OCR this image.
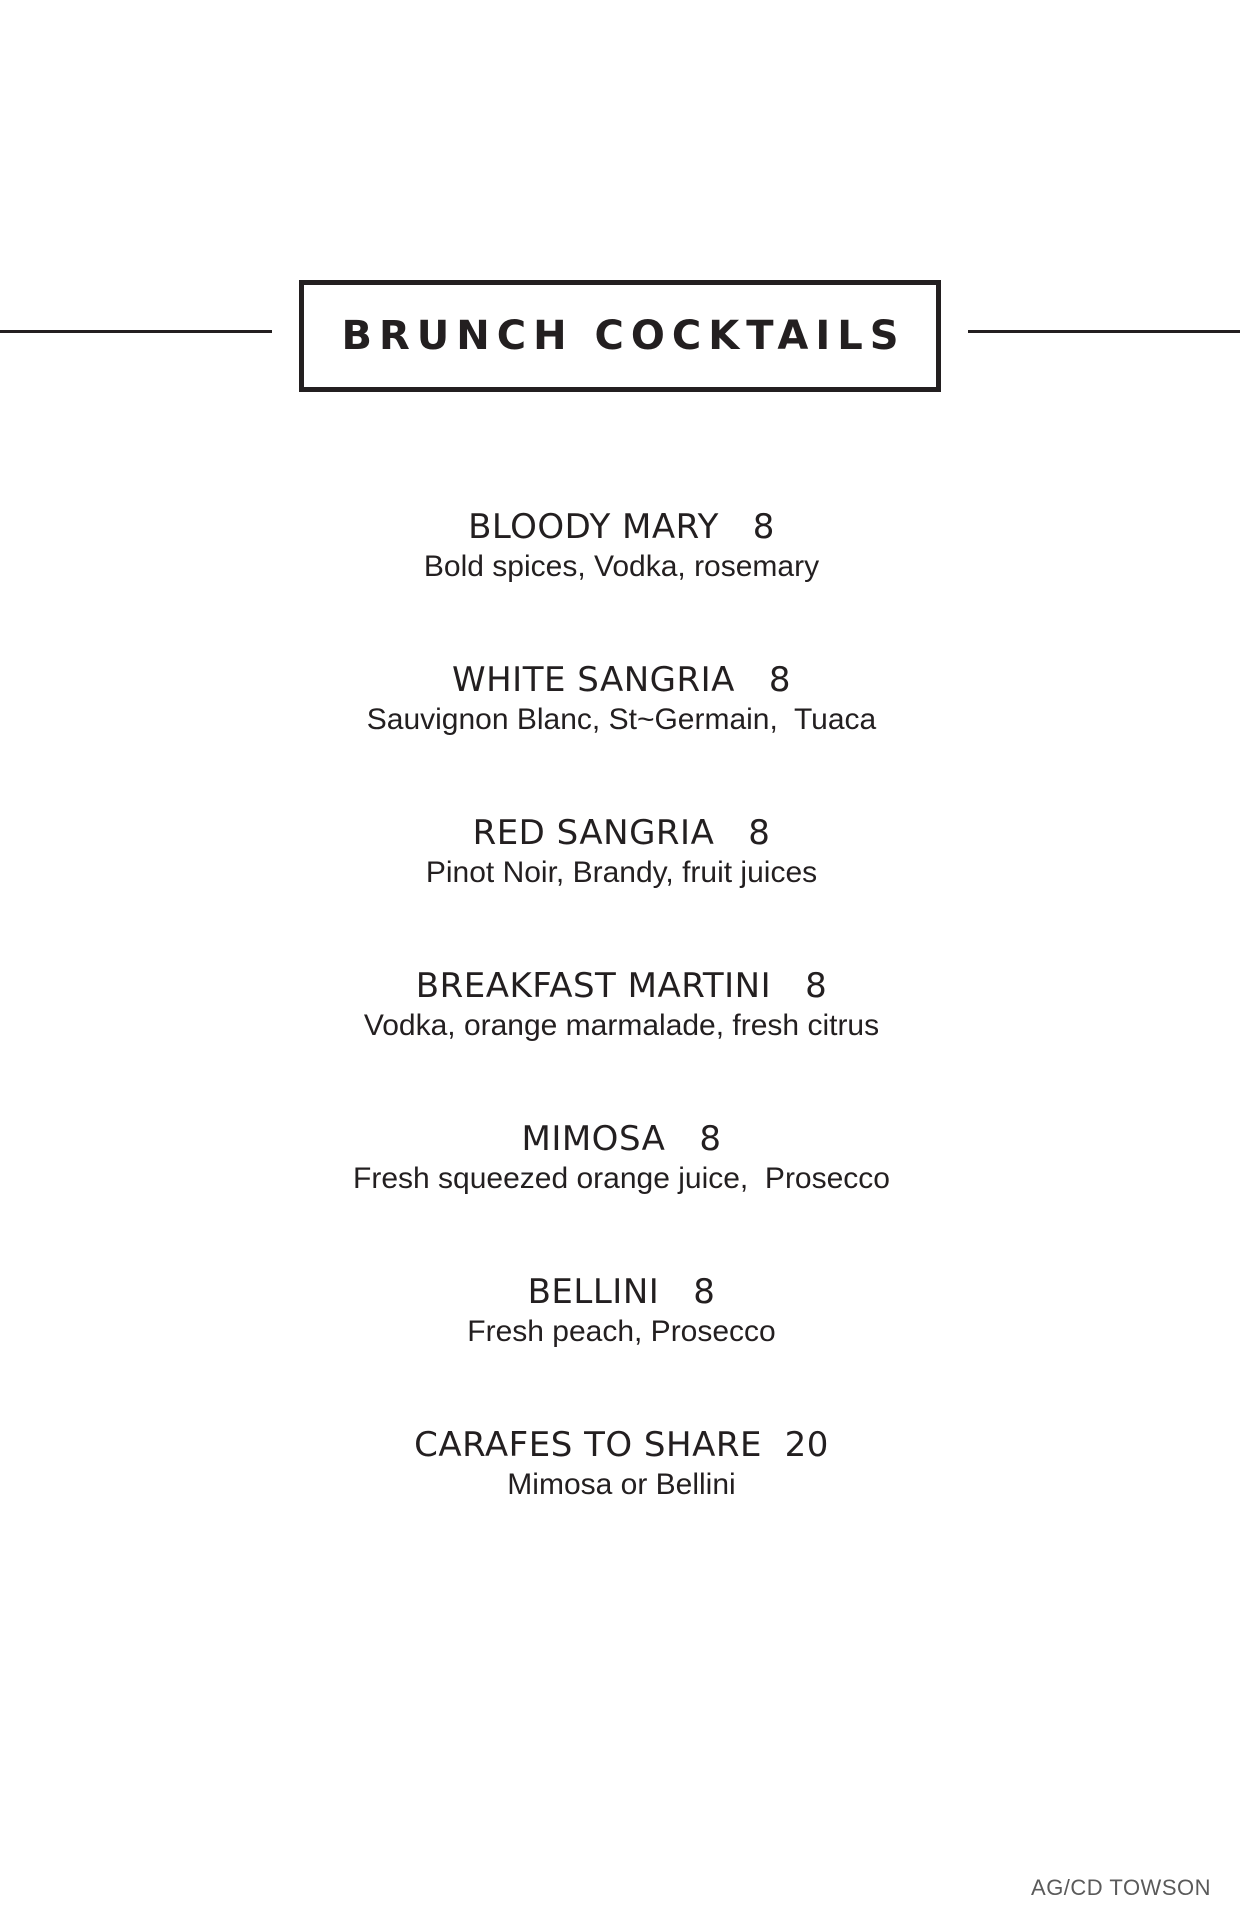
BRUNCH COCKTAILS
BLOODY MARY 8
Bold spices, Vodka, rosemary
WHITE SANGRIA 8
Sauvignon Blanc, St~Germain,  Tuaca
RED SANGRIA 8
Pinot Noir, Brandy, fruit juices
BREAKFAST MARTINI 8
Vodka, orange marmalade, fresh citrus
MIMOSA 8
Fresh squeezed orange juice,  Prosecco
BELLINI 8
Fresh peach, Prosecco
CARAFES TO SHARE 20
Mimosa or Bellini
AG/CD TOWSON
